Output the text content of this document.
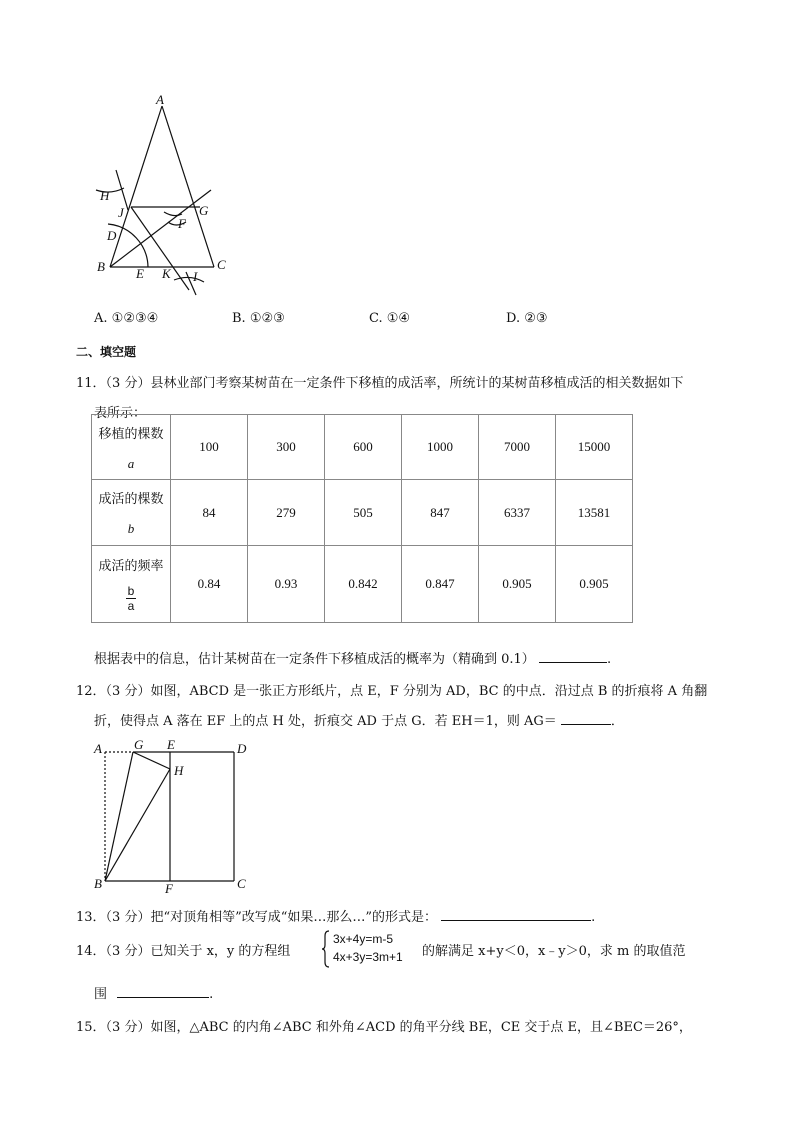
A
H
J	G
F
D
B E K I
C
A. ①②③④	B. ①②③	C. ①④	D. ②③
二、填空题
11．（3 分）县林业部门考察某树苗在一定条件下移植的成活率，所统计的某树苗移植成活的相关数据如下
表所示：
移植的棵数
a	100	300	600	1000	7000	15000

成活的棵数
b	84	279	505	847	6337	13581

成活的频率
$\frac{b}{a}$	0.84	0.93	0.842	0.847	0.905	0.905
根据表中的信息，估计某树苗在一定条件下移植成活的概率为（精确到 0.1）	.
12．（3 分）如图，ABCD 是一张正方形纸片，点 E，F 分别为 AD，BC 的中点．沿过点 B 的折痕将 A 角翻
折，使得点 A 落在 EF 上的点 H 处，折痕交 AD 于点 G．若 EH＝1，则 AG＝	．
A G E	D
H
B	F	C
13．（3 分）把“对顶角相等”改写成“如果…那么…”的形式是：	.
14．（3 分）已知关于 x，y 的方程组
3x+4y=m-5
4x+3y=3m+1 的解满足 x+y＜0，x﹣y＞0，求 m 的取值范
围	.
15．（3 分）如图，△ABC 的内角∠ABC 和外角∠ACD 的角平分线 BE，CE 交于点 E，且∠BEC＝26°，
